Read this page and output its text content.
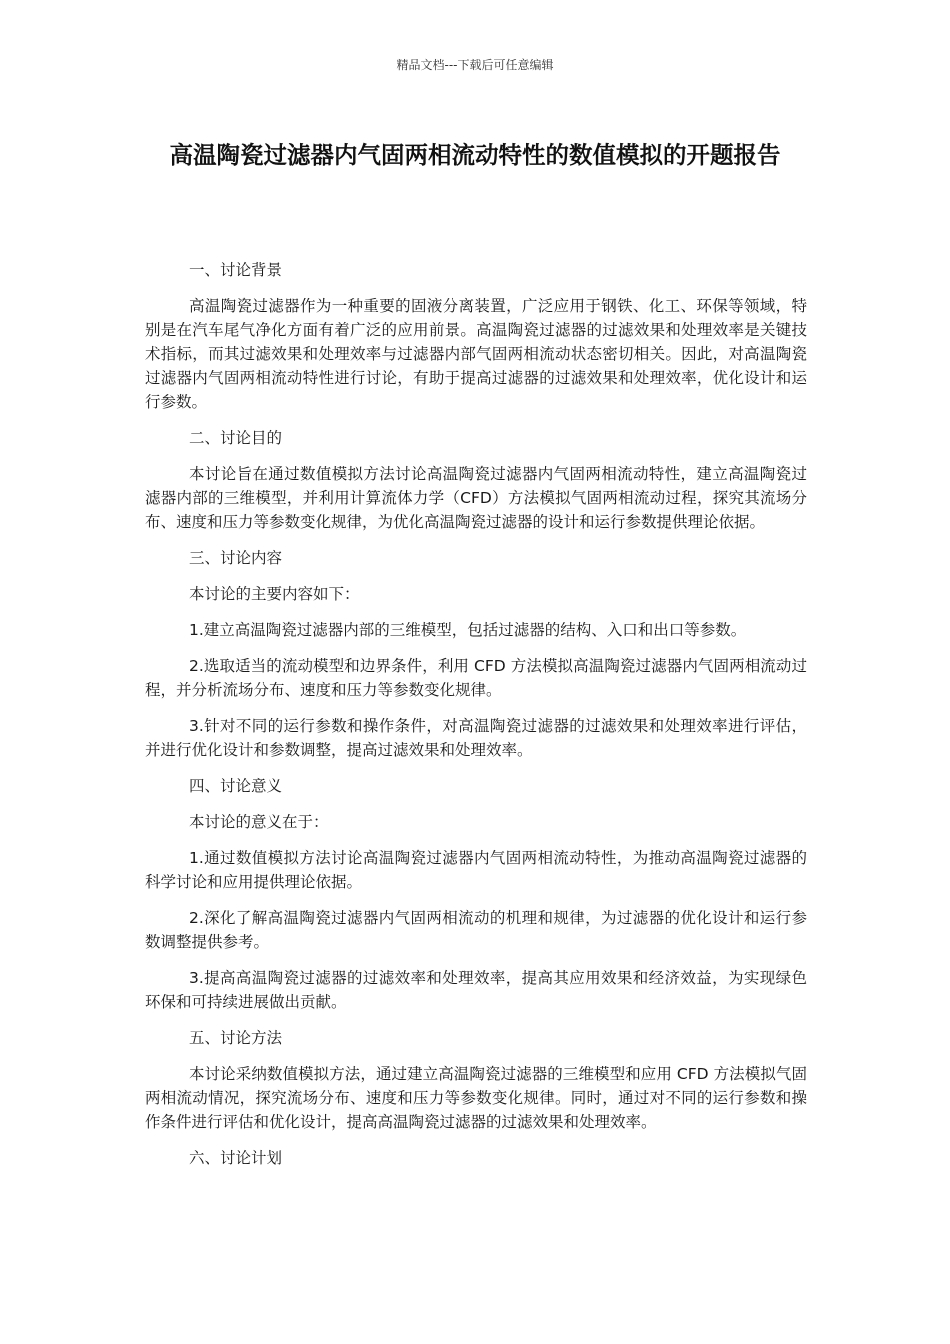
精品文档---下载后可任意编辑
高温陶瓷过滤器内气固两相流动特性的数值模拟的开题报告

一、讨论背景

高温陶瓷过滤器作为一种重要的固液分离装置，广泛应用于钢铁、化工、环保等领域，特别是在汽车尾气净化方面有着广泛的应用前景。高温陶瓷过滤器的过滤效果和处理效率是关键技术指标，而其过滤效果和处理效率与过滤器内部气固两相流动状态密切相关。因此，对高温陶瓷过滤器内气固两相流动特性进行讨论，有助于提高过滤器的过滤效果和处理效率，优化设计和运行参数。

二、讨论目的

本讨论旨在通过数值模拟方法讨论高温陶瓷过滤器内气固两相流动特性，建立高温陶瓷过滤器内部的三维模型，并利用计算流体力学（CFD）方法模拟气固两相流动过程，探究其流场分布、速度和压力等参数变化规律，为优化高温陶瓷过滤器的设计和运行参数提供理论依据。

三、讨论内容

本讨论的主要内容如下：

1.建立高温陶瓷过滤器内部的三维模型，包括过滤器的结构、入口和出口等参数。

2.选取适当的流动模型和边界条件，利用 CFD 方法模拟高温陶瓷过滤器内气固两相流动过程，并分析流场分布、速度和压力等参数变化规律。

3.针对不同的运行参数和操作条件，对高温陶瓷过滤器的过滤效果和处理效率进行评估，并进行优化设计和参数调整，提高过滤效果和处理效率。

四、讨论意义

本讨论的意义在于：

1.通过数值模拟方法讨论高温陶瓷过滤器内气固两相流动特性，为推动高温陶瓷过滤器的科学讨论和应用提供理论依据。

2.深化了解高温陶瓷过滤器内气固两相流动的机理和规律，为过滤器的优化设计和运行参数调整提供参考。

3.提高高温陶瓷过滤器的过滤效率和处理效率，提高其应用效果和经济效益，为实现绿色环保和可持续进展做出贡献。

五、讨论方法

本讨论采纳数值模拟方法，通过建立高温陶瓷过滤器的三维模型和应用 CFD 方法模拟气固两相流动情况，探究流场分布、速度和压力等参数变化规律。同时，通过对不同的运行参数和操作条件进行评估和优化设计，提高高温陶瓷过滤器的过滤效果和处理效率。

六、讨论计划
